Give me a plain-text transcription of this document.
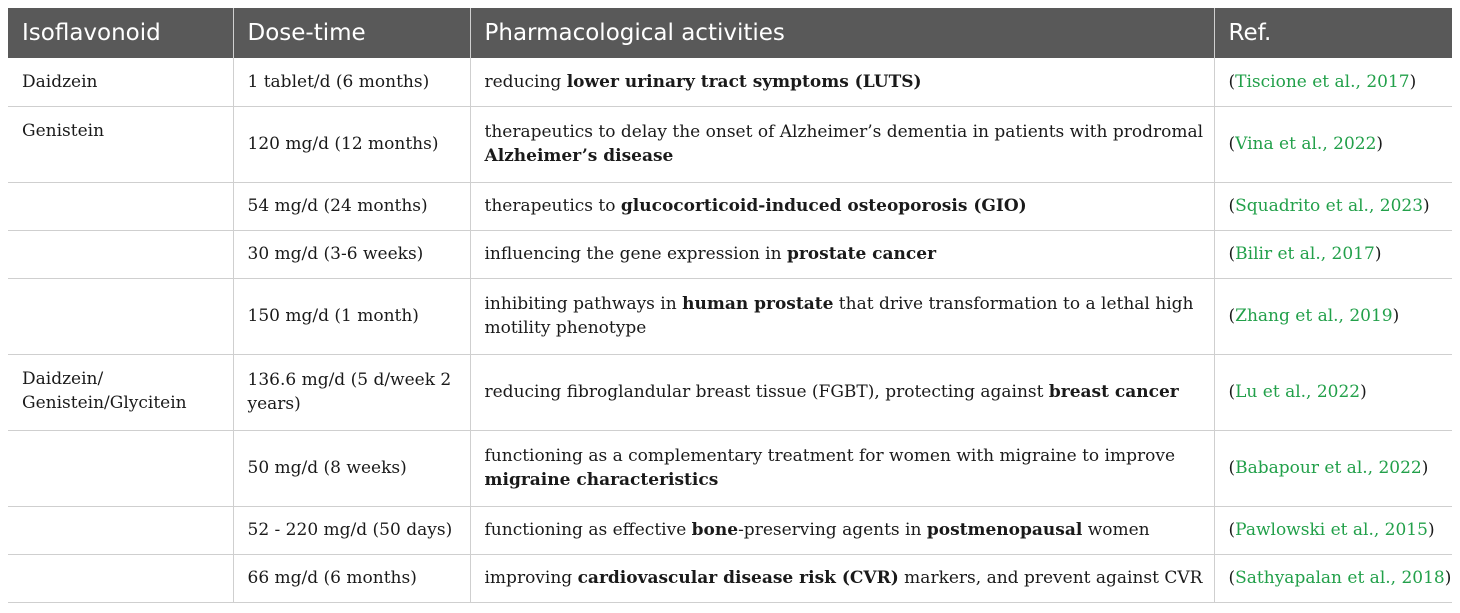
Isoflavonoid	Dose-time	Pharmacological activities	Ref.
Daidzein	1 tablet/d (6 months)	reducing lower urinary tract symptoms (LUTS)	(Tiscione et al., 2017)
Genistein	120 mg/d (12 months)	therapeutics to delay the onset of Alzheimer’s dementia in patients with prodromal Alzheimer’s disease	(Vina et al., 2022)
	54 mg/d (24 months)	therapeutics to glucocorticoid-induced osteoporosis (GIO)	(Squadrito et al., 2023)
	30 mg/d (3-6 weeks)	influencing the gene expression in prostate cancer	(Bilir et al., 2017)
	150 mg/d (1 month)	inhibiting pathways in human prostate that drive transformation to a lethal high motility phenotype	(Zhang et al., 2019)
Daidzein/ Genistein/Glycitein	136.6 mg/d (5 d/week 2 years)	reducing fibroglandular breast tissue (FGBT), protecting against breast cancer	(Lu et al., 2022)
	50 mg/d (8 weeks)	functioning as a complementary treatment for women with migraine to improve migraine characteristics	(Babapour et al., 2022)
	52 - 220 mg/d (50 days)	functioning as effective bone-preserving agents in postmenopausal women	(Pawlowski et al., 2015)
	66 mg/d (6 months)	improving cardiovascular disease risk (CVR) markers, and prevent against CVR	(Sathyapalan et al., 2018)
